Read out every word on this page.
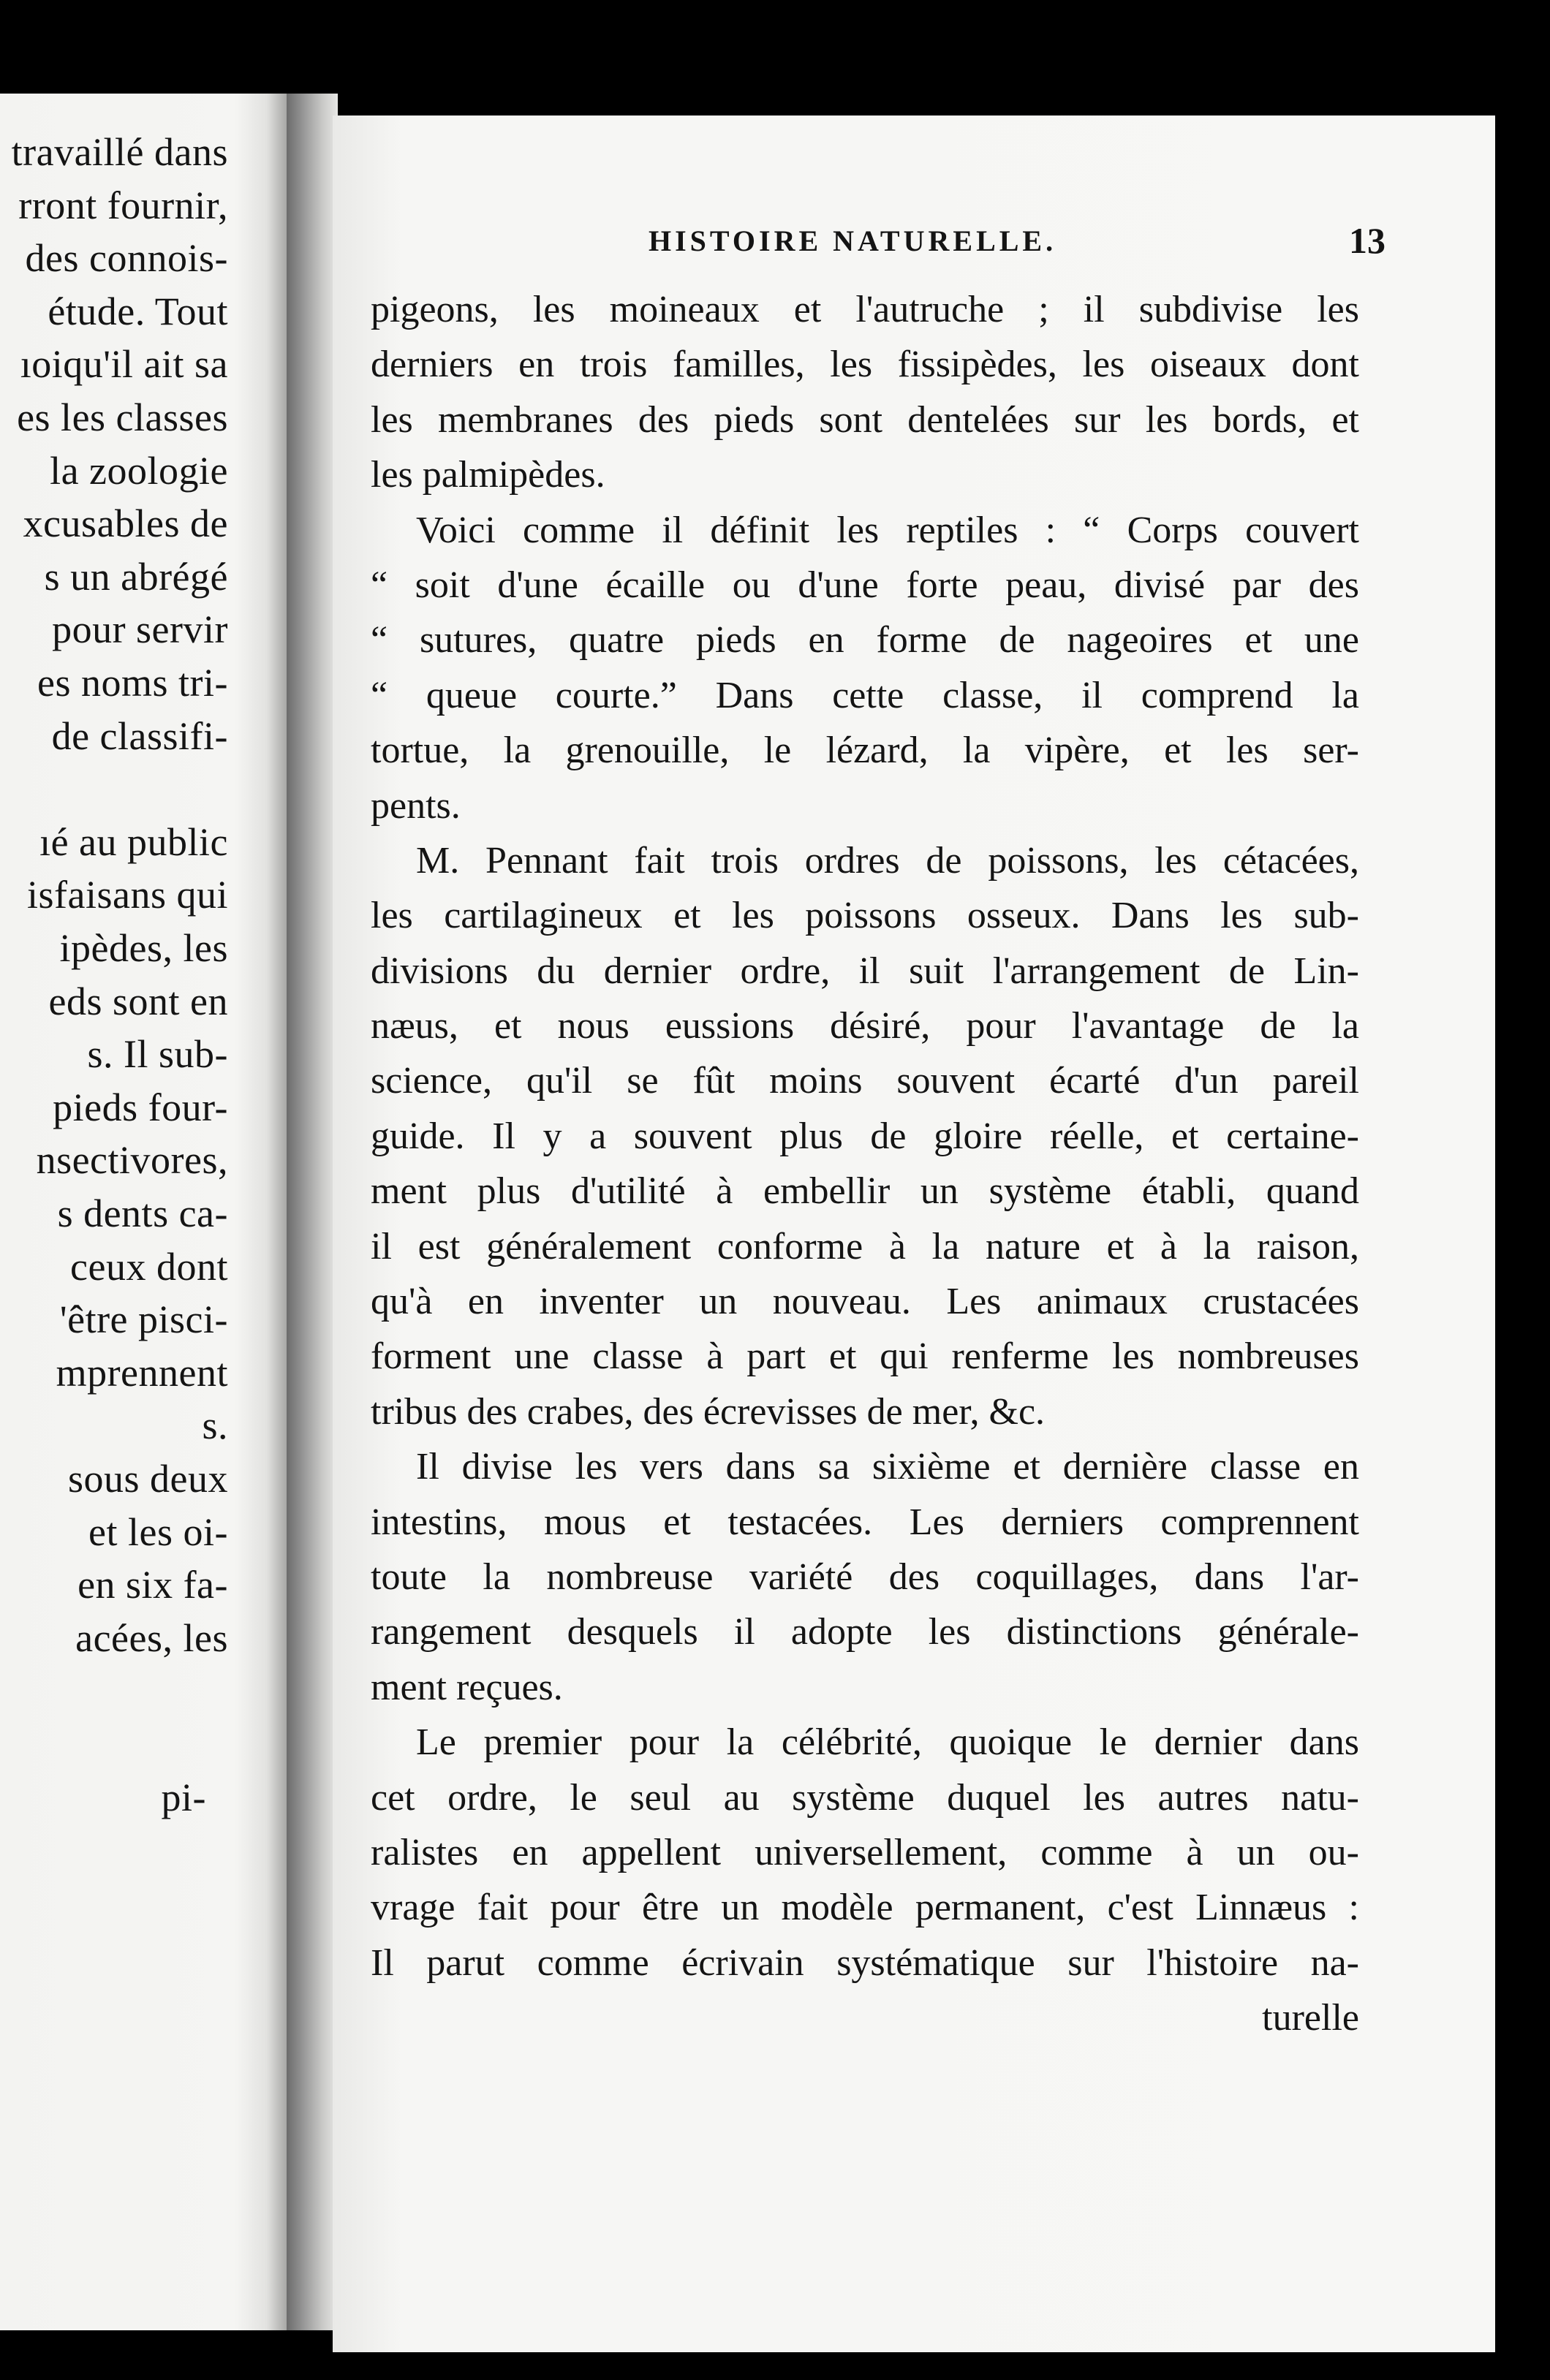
travaillé dans
rront fournir,
des connois-
étude. Tout
ıoiqu'il ait sa
es les classes
la zoologie
xcusables de
s un abrégé
pour servir
es noms tri-
de classifi-
ıé au public
isfaisans qui
ipèdes, les
eds sont en
s. Il sub-
pieds four-
nsectivores,
s dents ca-
ceux dont
'être pisci-
mprennent
s.
sous deux
et les oi-
en six fa-
acées, les
pi-
HISTOIRE NATURELLE.	13
pigeons, les moineaux et l'autruche ; il subdivise les
derniers en trois familles, les fissipèdes, les oiseaux dont
les membranes des pieds sont dentelées sur les bords, et
les palmipèdes.
Voici comme il définit les reptiles : “ Corps couvert
“ soit d'une écaille ou d'une forte peau, divisé par des
“ sutures, quatre pieds en forme de nageoires et une
“ queue courte.” Dans cette classe, il comprend la
tortue, la grenouille, le lézard, la vipère, et les ser-
pents.
M. Pennant fait trois ordres de poissons, les cétacées,
les cartilagineux et les poissons osseux. Dans les sub-
divisions du dernier ordre, il suit l'arrangement de Lin-
næus, et nous eussions désiré, pour l'avantage de la
science, qu'il se fût moins souvent écarté d'un pareil
guide. Il y a souvent plus de gloire réelle, et certaine-
ment plus d'utilité à embellir un système établi, quand
il est généralement conforme à la nature et à la raison,
qu'à en inventer un nouveau. Les animaux crustacées
forment une classe à part et qui renferme les nombreuses
tribus des crabes, des écrevisses de mer, &c.
Il divise les vers dans sa sixième et dernière classe en
intestins, mous et testacées. Les derniers comprennent
toute la nombreuse variété des coquillages, dans l'ar-
rangement desquels il adopte les distinctions générale-
ment reçues.
Le premier pour la célébrité, quoique le dernier dans
cet ordre, le seul au système duquel les autres natu-
ralistes en appellent universellement, comme à un ou-
vrage fait pour être un modèle permanent, c'est Linnæus :
Il parut comme écrivain systématique sur l'histoire na-
turelle
